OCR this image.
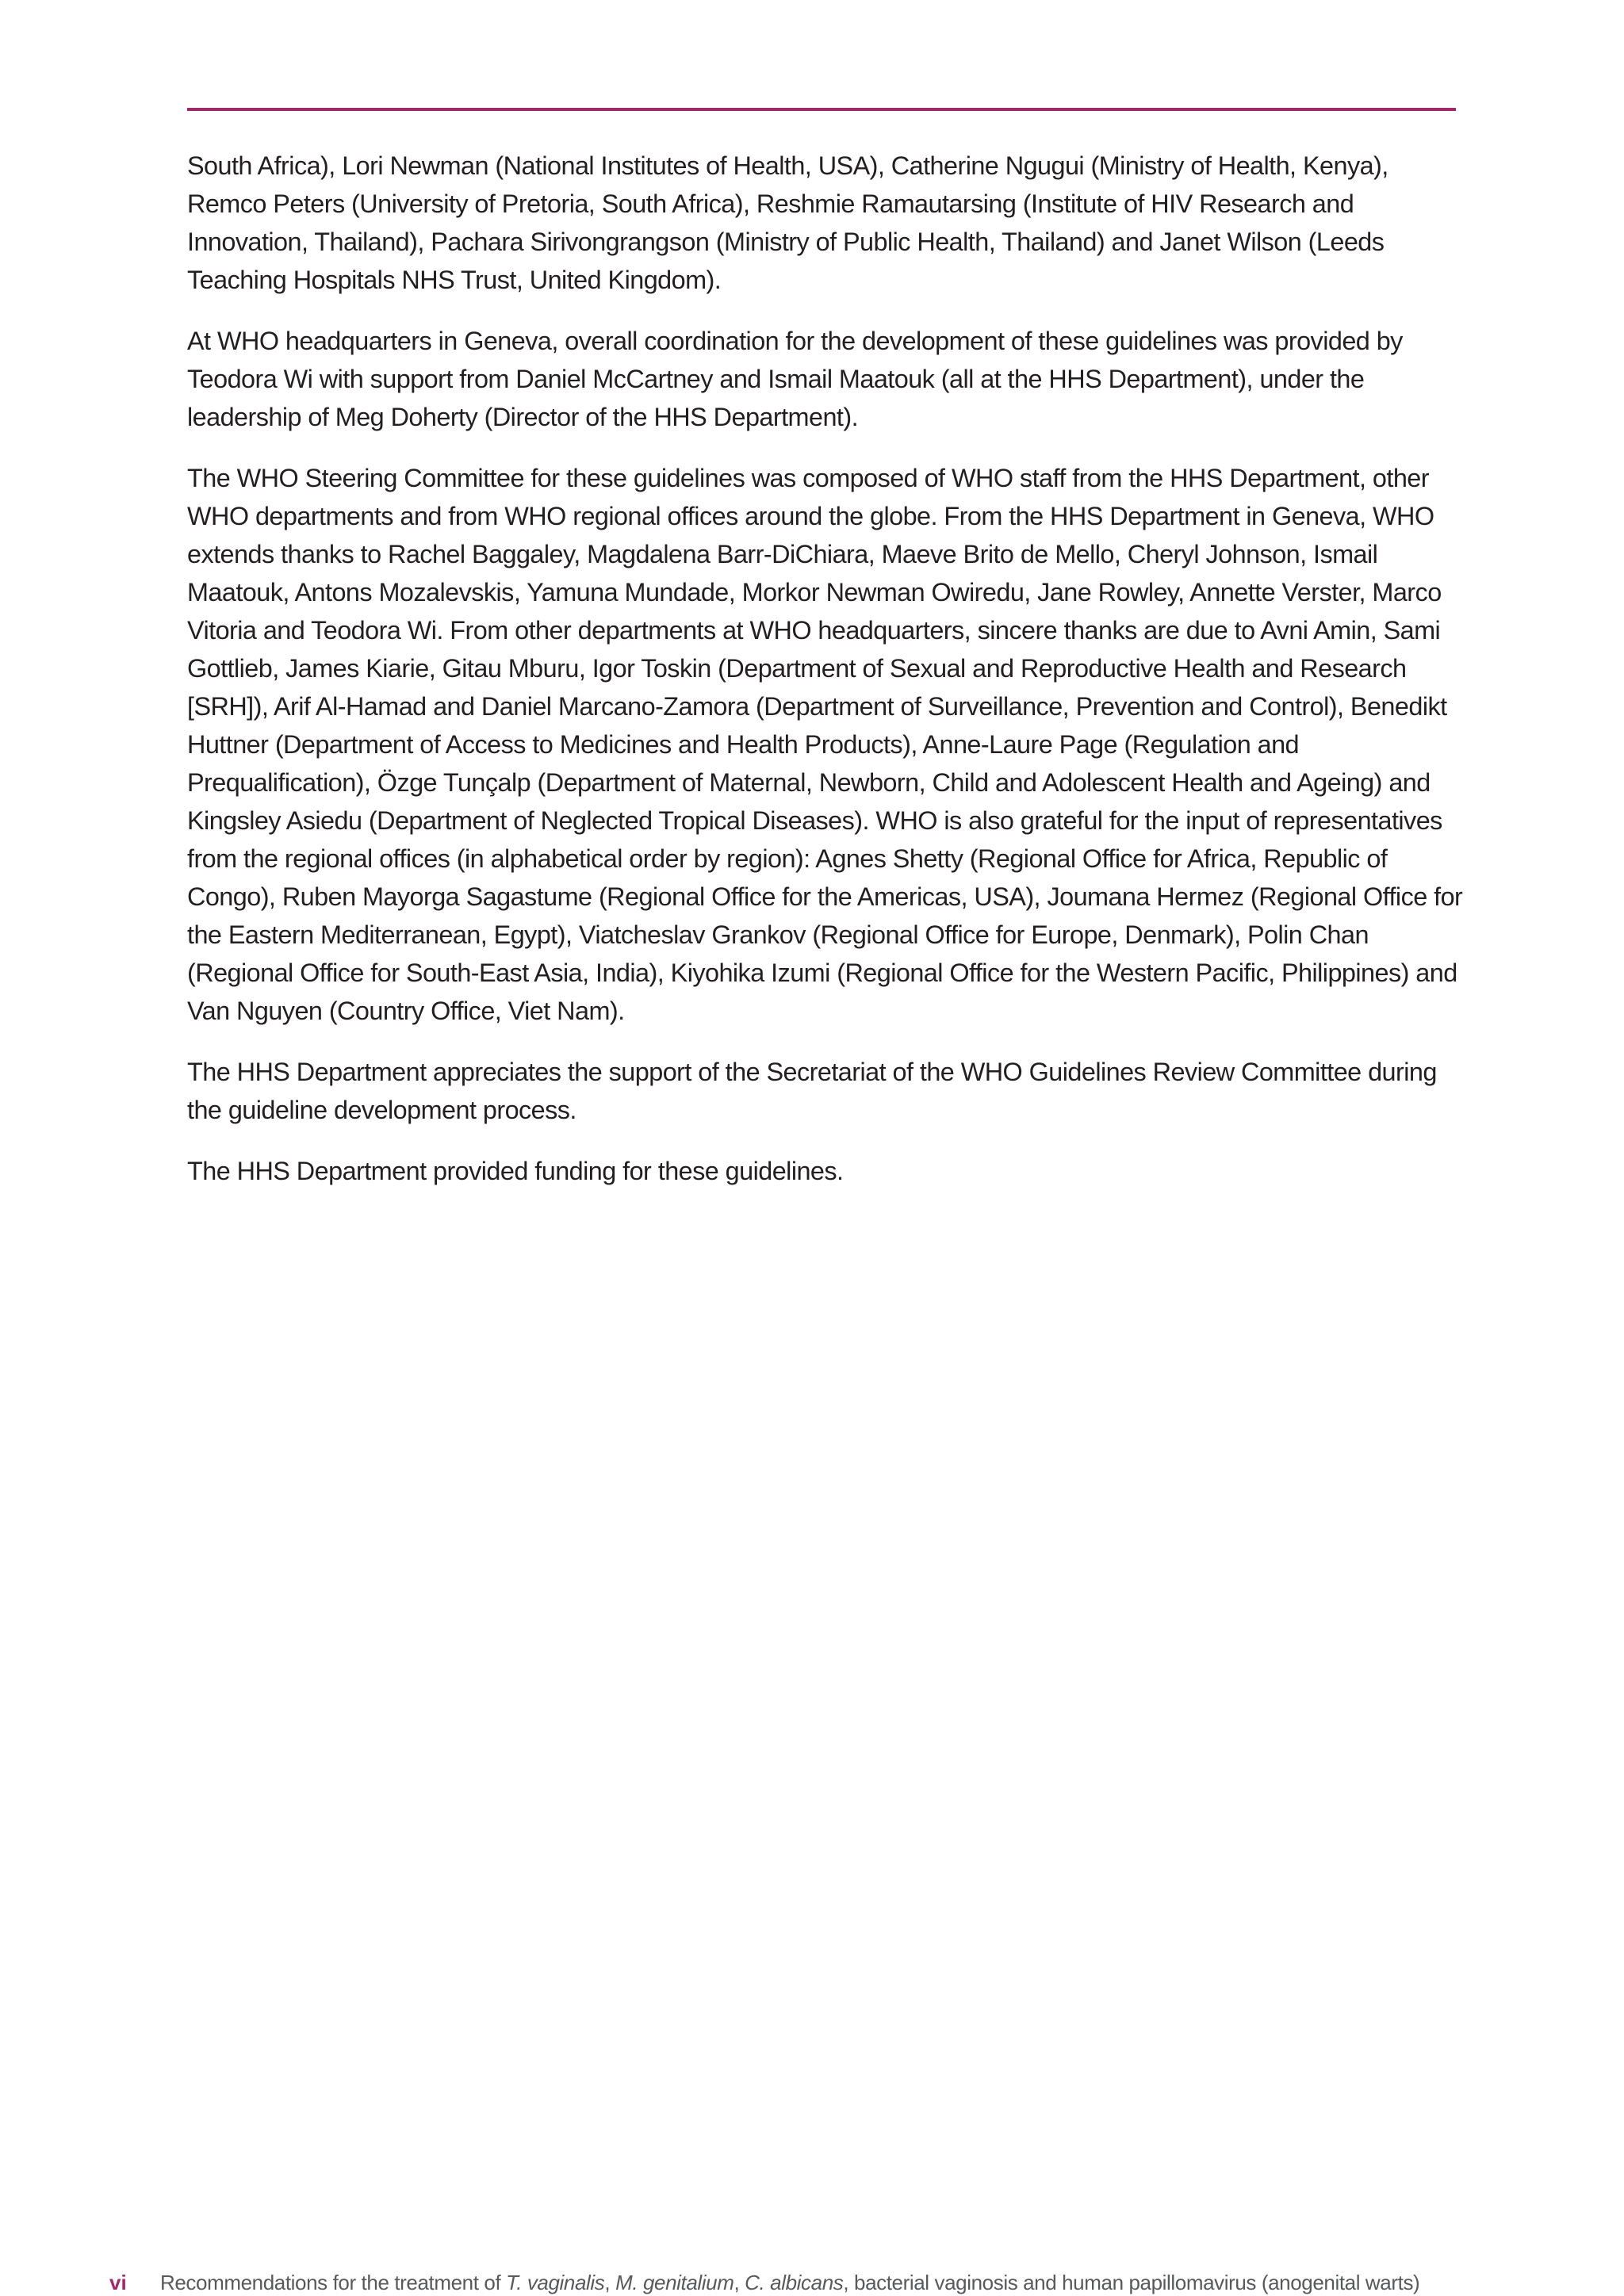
South Africa), Lori Newman (National Institutes of Health, USA), Catherine Ngugui (Ministry of Health, Kenya), Remco Peters (University of Pretoria, South Africa), Reshmie Ramautarsing (Institute of HIV Research and Innovation, Thailand), Pachara Sirivongrangson (Ministry of Public Health, Thailand) and Janet Wilson (Leeds Teaching Hospitals NHS Trust, United Kingdom).

At WHO headquarters in Geneva, overall coordination for the development of these guidelines was provided by Teodora Wi with support from Daniel McCartney and Ismail Maatouk (all at the HHS Department), under the leadership of Meg Doherty (Director of the HHS Department).

The WHO Steering Committee for these guidelines was composed of WHO staff from the HHS Department, other WHO departments and from WHO regional offices around the globe. From the HHS Department in Geneva, WHO extends thanks to Rachel Baggaley, Magdalena Barr-DiChiara, Maeve Brito de Mello, Cheryl Johnson, Ismail Maatouk, Antons Mozalevskis, Yamuna Mundade, Morkor Newman Owiredu, Jane Rowley, Annette Verster, Marco Vitoria and Teodora Wi. From other departments at WHO headquarters, sincere thanks are due to Avni Amin, Sami Gottlieb, James Kiarie, Gitau Mburu, Igor Toskin (Department of Sexual and Reproductive Health and Research [SRH]), Arif Al-Hamad and Daniel Marcano-Zamora (Department of Surveillance, Prevention and Control), Benedikt Huttner (Department of Access to Medicines and Health Products), Anne-Laure Page (Regulation and Prequalification), Özge Tunçalp (Department of Maternal, Newborn, Child and Adolescent Health and Ageing) and Kingsley Asiedu (Department of Neglected Tropical Diseases). WHO is also grateful for the input of representatives from the regional offices (in alphabetical order by region): Agnes Shetty (Regional Office for Africa, Republic of Congo), Ruben Mayorga Sagastume (Regional Office for the Americas, USA), Joumana Hermez (Regional Office for the Eastern Mediterranean, Egypt), Viatcheslav Grankov (Regional Office for Europe, Denmark), Polin Chan (Regional Office for South-East Asia, India), Kiyohika Izumi (Regional Office for the Western Pacific, Philippines) and Van Nguyen (Country Office, Viet Nam).

The HHS Department appreciates the support of the Secretariat of the WHO Guidelines Review Committee during the guideline development process.

The HHS Department provided funding for these guidelines.

vi Recommendations for the treatment of T. vaginalis, M. genitalium, C. albicans, bacterial vaginosis and human papillomavirus (anogenital warts)
